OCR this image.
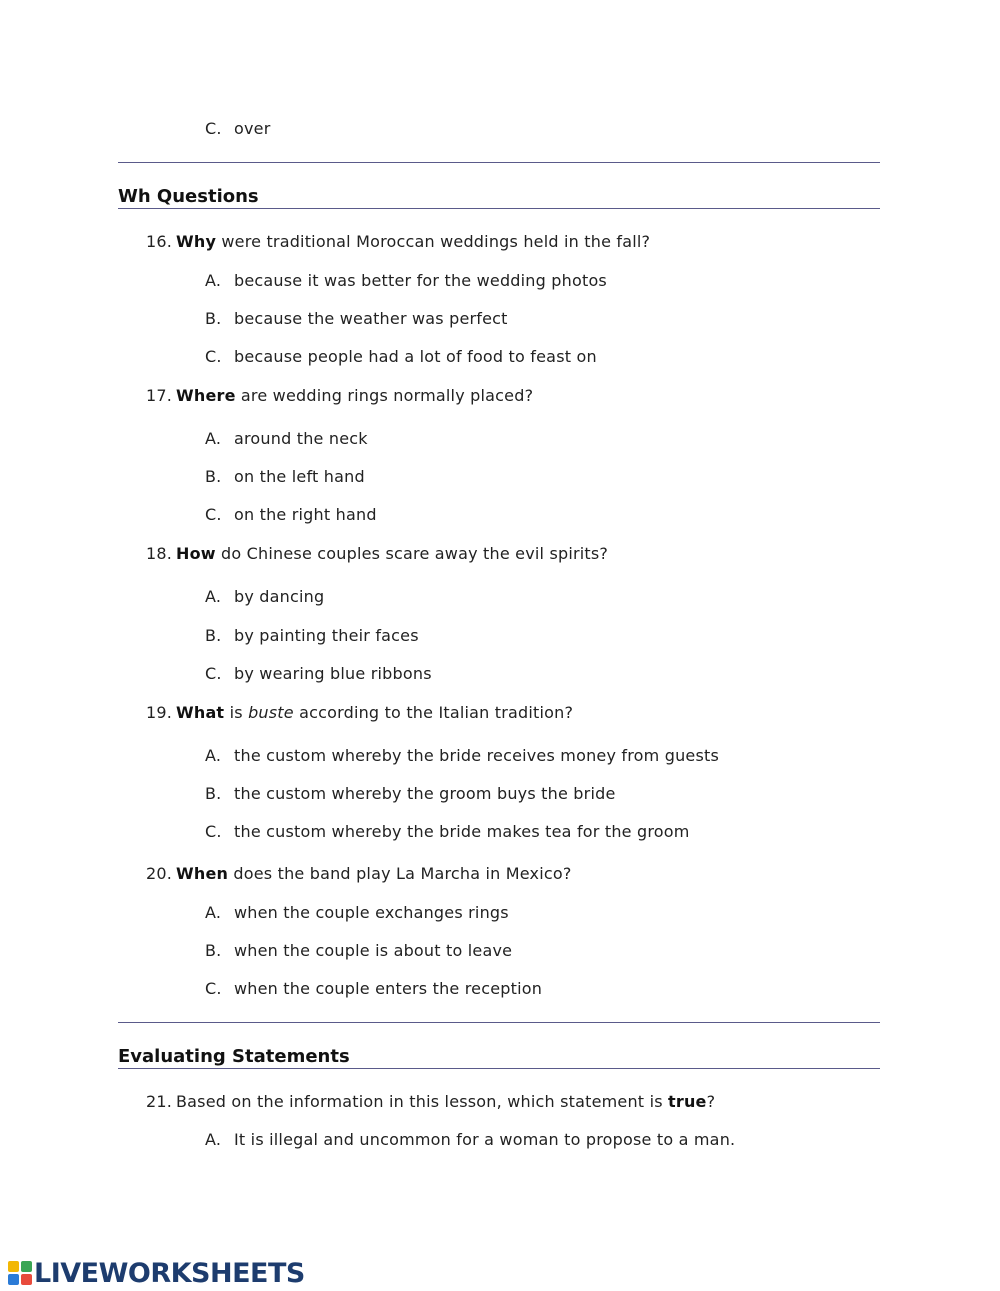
C. over
Wh Questions
16. Why were traditional Moroccan weddings held in the fall?
A. because it was better for the wedding photos
B. because the weather was perfect
C. because people had a lot of food to feast on
17. Where are wedding rings normally placed?
A. around the neck
B. on the left hand
C. on the right hand
18. How do Chinese couples scare away the evil spirits?
A. by dancing
B. by painting their faces
C. by wearing blue ribbons
19. What is buste according to the Italian tradition?
A. the custom whereby the bride receives money from guests
B. the custom whereby the groom buys the bride
C. the custom whereby the bride makes tea for the groom
20. When does the band play La Marcha in Mexico?
A. when the couple exchanges rings
B. when the couple is about to leave
C. when the couple enters the reception
Evaluating Statements
21. Based on the information in this lesson, which statement is true?
A. It is illegal and uncommon for a woman to propose to a man.
LIVEWORKSHEETS
